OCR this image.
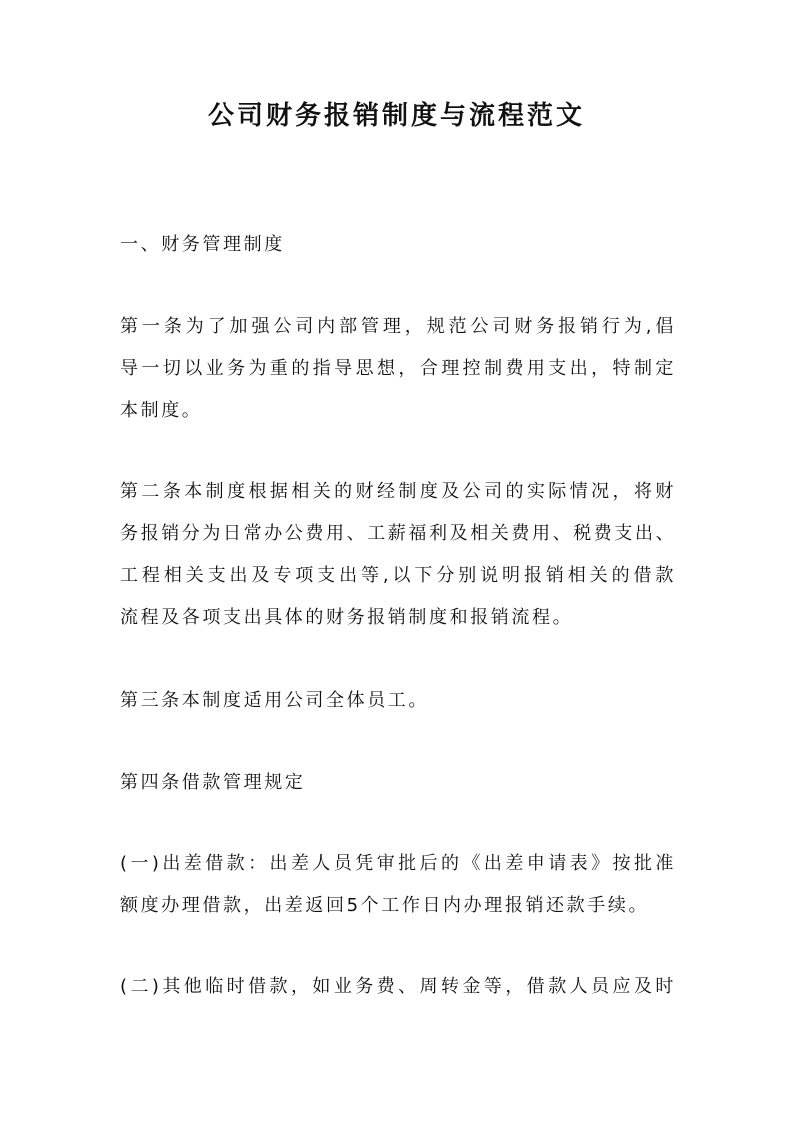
公司财务报销制度与流程范文

一、财务管理制度

第一条为了加强公司内部管理，规范公司财务报销行为,倡
导一切以业务为重的指导思想，合理控制费用支出，特制定
本制度。

第二条本制度根据相关的财经制度及公司的实际情况，将财
务报销分为日常办公费用、工薪福利及相关费用、税费支出、
工程相关支出及专项支出等,以下分别说明报销相关的借款
流程及各项支出具体的财务报销制度和报销流程。

第三条本制度适用公司全体员工。

第四条借款管理规定

(一)出差借款：出差人员凭审批后的《出差申请表》按批准
额度办理借款，出差返回5个工作日内办理报销还款手续。

(二)其他临时借款，如业务费、周转金等，借款人员应及时
